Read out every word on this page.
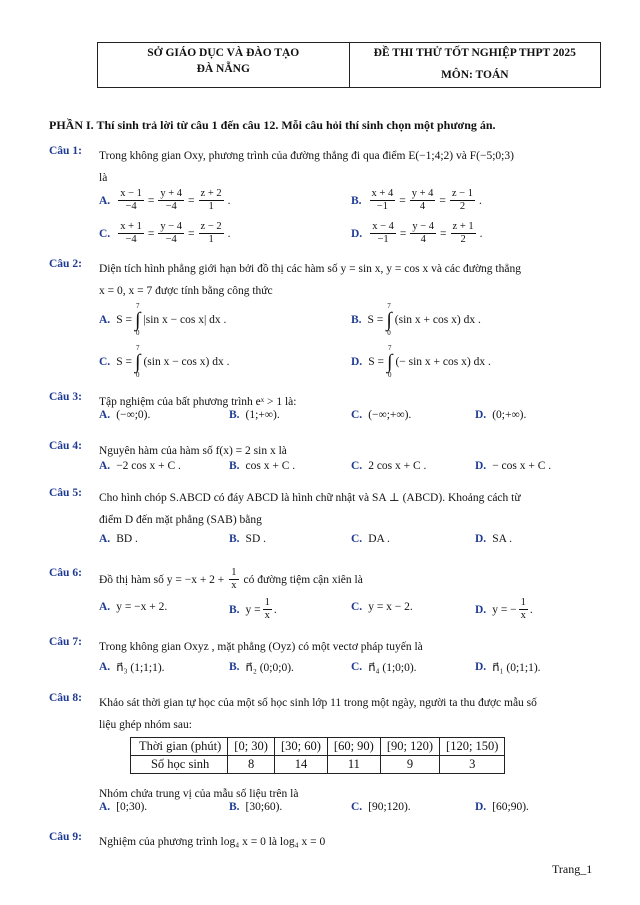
SỞ GIÁO DỤC VÀ ĐÀO TẠO
ĐÀ NẴNG
ĐỀ THI THỬ TỐT NGHIỆP THPT 2025
MÔN: TOÁN
PHẦN I. Thí sinh trả lời từ câu 1 đến câu 12. Mỗi câu hỏi thí sinh chọn một phương án.
Câu 1: Trong không gian Oxy, phương trình của đường thẳng đi qua điểm E(−1;4;2) và F(−5;0;3)
là
A. $\frac{x - 1}{-4} = \frac{y + 4}{-4} = \frac{z + 2}{1}$ .	B. $\frac{x + 4}{-1} = \frac{y + 4}{4} = \frac{z - 1}{2}$ .
C. $\frac{x + 1}{-4} = \frac{y - 4}{-4} = \frac{z - 2}{1}$ .	D. $\frac{x - 4}{-1} = \frac{y - 4}{4} = \frac{z + 1}{2}$ .
Câu 2: Diện tích hình phẳng giới hạn bởi đồ thị các hàm số y = sin x, y = cos x và các đường thẳng
x = 0, x = 7 được tính bằng công thức
A. S =
7
∫
0
|sin x − cos x| dx .	B. S =
7
∫
0
(sin x + cos x) dx .
C. S =
7
∫
0
(sin x − cos x) dx .	D. S =
7
∫
0
(− sin x + cos x) dx .
Câu 3: Tập nghiệm của bất phương trình eˣ > 1 là:
A. (−∞;0).	B. (1;+∞).	C. (−∞;+∞).	D. (0;+∞).
Câu 4: Nguyên hàm của hàm số f(x) = 2 sin x là
A. −2 cos x + C .	B. cos x + C .	C. 2 cos x + C .	D. − cos x + C .
Câu 5: Cho hình chóp S.ABCD có đáy ABCD là hình chữ nhật và SA ⊥ (ABCD). Khoảng cách từ
điểm D đến mặt phẳng (SAB) bằng
A. BD .	B. SD .	C. DA .	D. SA .
Câu 6:
Đồ thị hàm số $y = -x + 2 + \frac{1}{x}$ có đường tiệm cận xiên là
A. y = −x + 2.	B. $y = \frac{1}{x}$ .	C. y = x − 2.	D. y = − $\frac{1}{x}$ .
Câu 7: Trong không gian Oxyz , mặt phẳng (Oyz) có một vectơ pháp tuyến là
A. n⃗₃ (1;1;1).	B. n⃗₂ (0;0;0).	C. n⃗₄ (1;0;0).	D. n⃗₁ (0;1;1).
Câu 8: Khảo sát thời gian tự học của một số học sinh lớp 11 trong một ngày, người ta thu được mẫu số
liệu ghép nhóm sau:
Thời gian (phút)	[0; 30)	[30; 60)	[60; 90)	[90; 120)	[120; 150)
Số học sinh	8	14	11	9	3
Nhóm chứa trung vị của mẫu số liệu trên là
A. [0;30).	B. [30;60).	C. [90;120).	D. [60;90).
Câu 9: Nghiệm của phương trình log₄ x = 0 là log₄ x = 0
Trang_1
